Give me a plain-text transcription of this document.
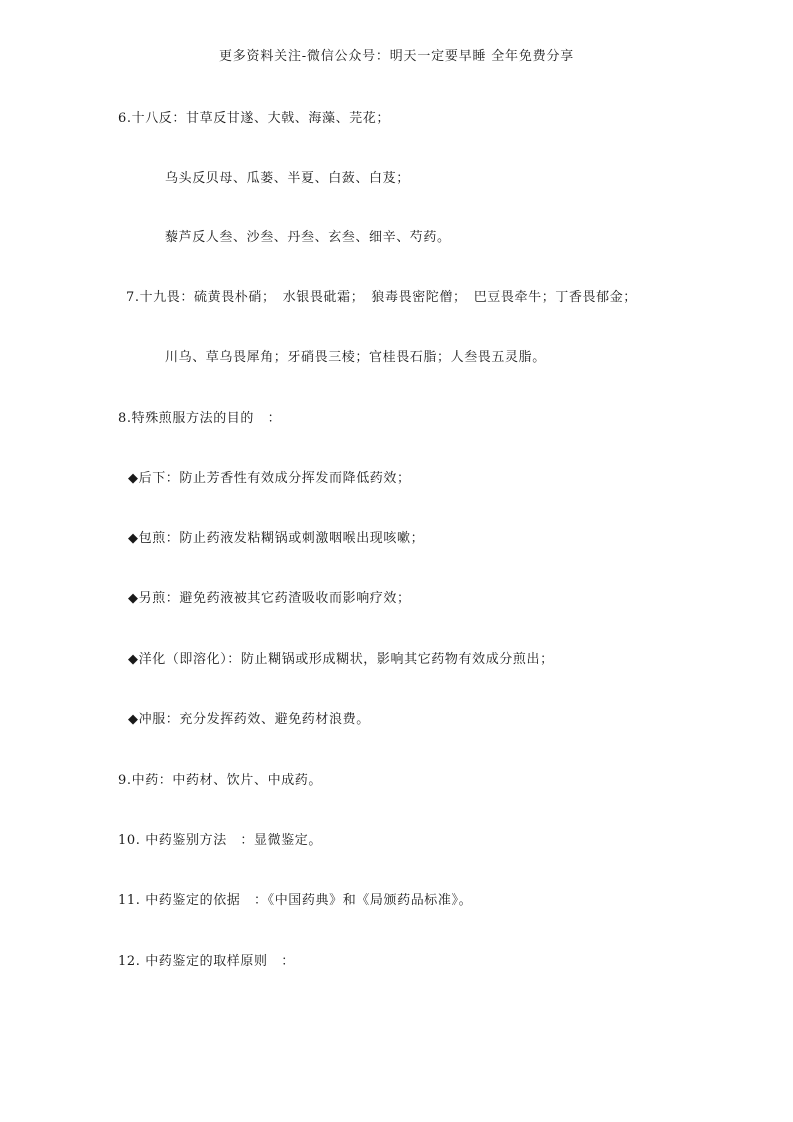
更多资料关注-微信公众号：明天一定要早睡 全年免费分享
6.十八反：甘草反甘遂、大戟、海藻、芫花；
乌头反贝母、瓜蒌、半夏、白蔹、白芨；
藜芦反人叁、沙叁、丹叁、玄叁、细辛、芍药。
7.十九畏：硫黄畏朴硝；　水银畏砒霜；　狼毒畏密陀僧；　巴豆畏牵牛；丁香畏郁金；
川乌、草乌畏犀角；牙硝畏三棱；官桂畏石脂；人叁畏五灵脂。
8.特殊煎服方法的目的　：
◆后下：防止芳香性有效成分挥发而降低药效；
◆包煎：防止药液发粘糊锅或刺激咽喉出现咳嗽；
◆另煎：避免药液被其它药渣吸收而影响疗效；
◆洋化（即溶化）：防止糊锅或形成糊状，影响其它药物有效成分煎出；
◆冲服：充分发挥药效、避免药材浪费。
9.中药：中药材、饮片、中成药。
10. 中药鉴别方法　：显微鉴定。
11. 中药鉴定的依据　：《中国药典》和《局颁药品标准》。
12. 中药鉴定的取样原则　：
